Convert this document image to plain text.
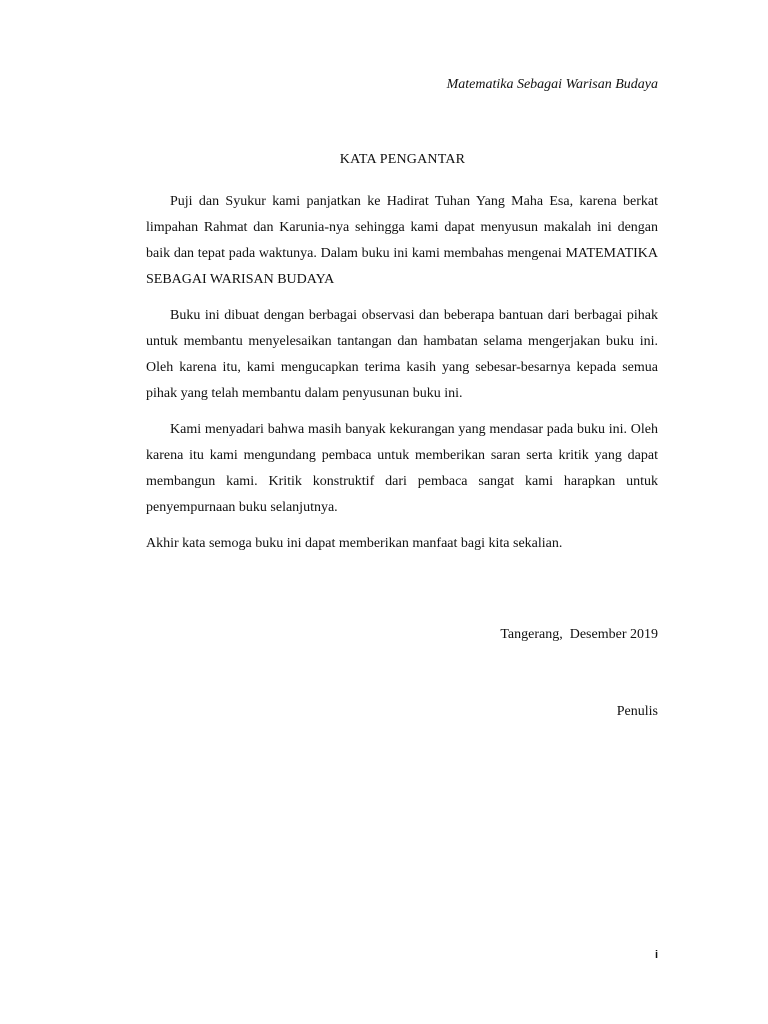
Matematika Sebagai Warisan Budaya
KATA PENGANTAR

Puji dan Syukur kami panjatkan ke Hadirat Tuhan Yang Maha Esa, karena berkat limpahan Rahmat dan Karunia-nya sehingga kami dapat menyusun makalah ini dengan baik dan tepat pada waktunya. Dalam buku ini kami membahas mengenai MATEMATIKA SEBAGAI WARISAN BUDAYA

Buku ini dibuat dengan berbagai observasi dan beberapa bantuan dari berbagai pihak untuk membantu menyelesaikan tantangan dan hambatan selama mengerjakan buku ini. Oleh karena itu, kami mengucapkan terima kasih yang sebesar-besarnya kepada semua pihak yang telah membantu dalam penyusunan buku ini.

Kami menyadari bahwa masih banyak kekurangan yang mendasar pada buku ini. Oleh karena itu kami mengundang pembaca untuk memberikan saran serta kritik yang dapat membangun kami. Kritik konstruktif dari pembaca sangat kami harapkan untuk penyempurnaan buku selanjutnya.

Akhir kata semoga buku ini dapat memberikan manfaat bagi kita sekalian.

Tangerang,  Desember 2019
Penulis
i
